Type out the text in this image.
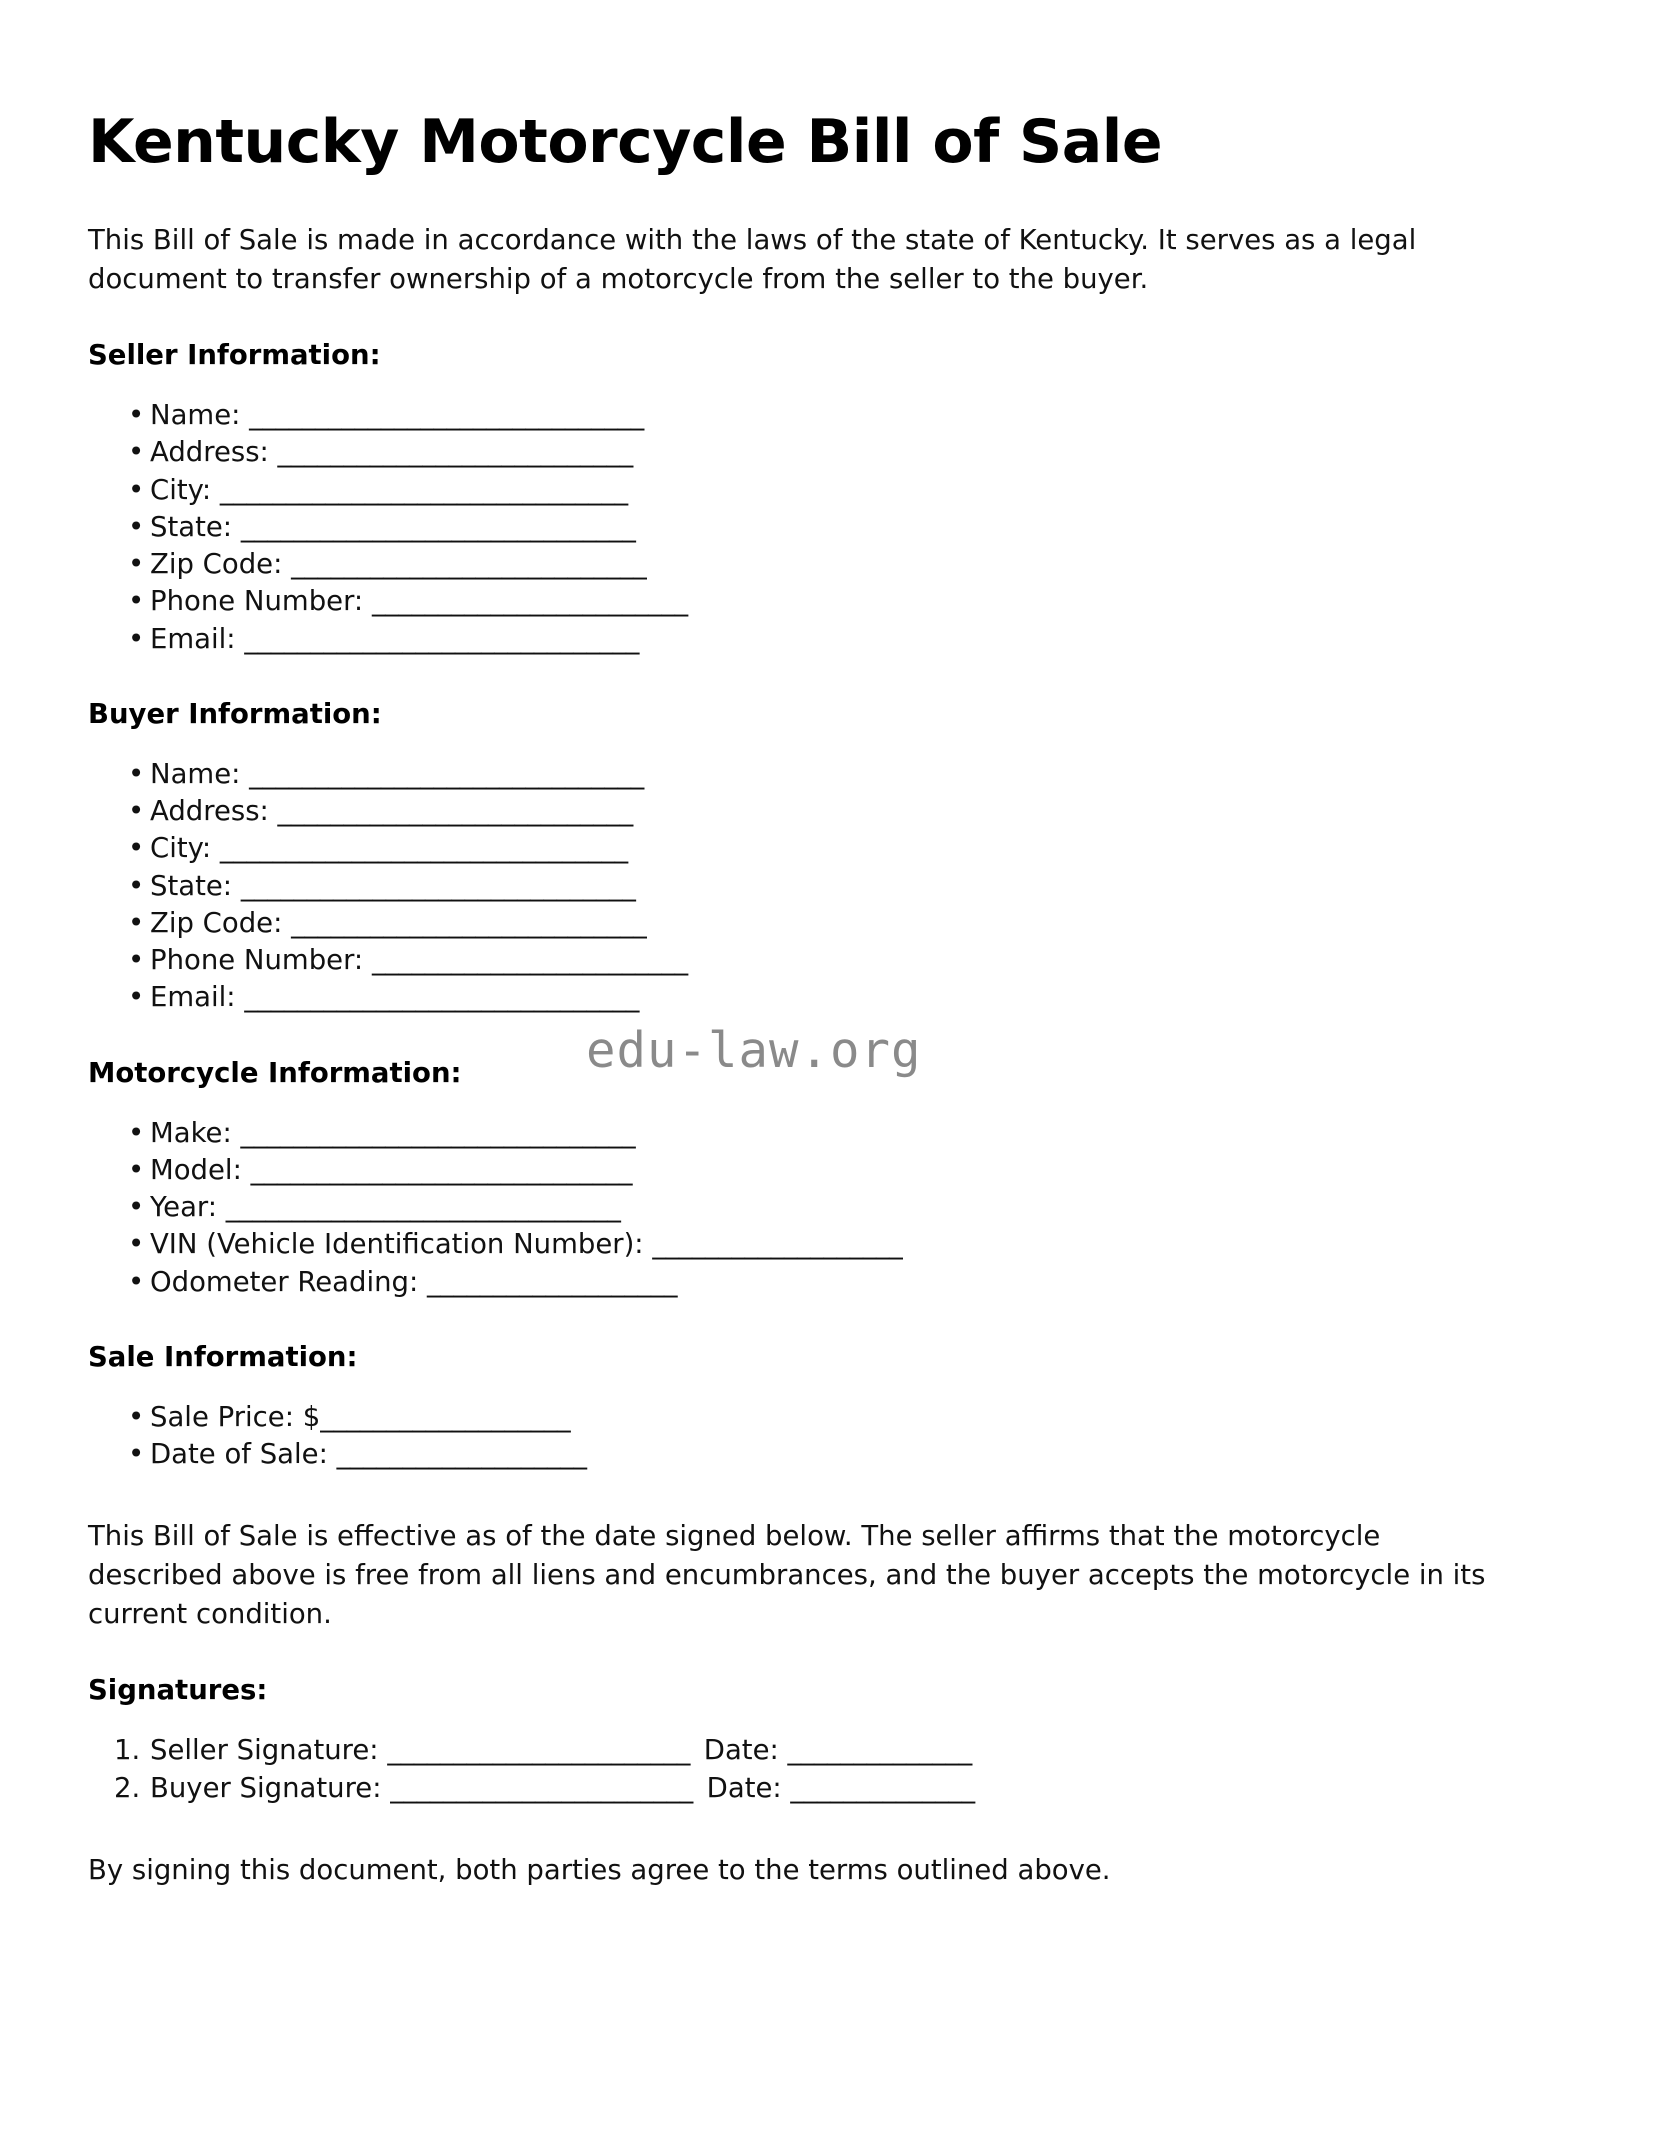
edu-law.org
Kentucky Motorcycle Bill of Sale

This Bill of Sale is made in accordance with the laws of the state of Kentucky. It serves as a legal document to transfer ownership of a motorcycle from the seller to the buyer.

Seller Information:
• Name: ______________________________
• Address: ___________________________
• City: _______________________________
• State: ______________________________
• Zip Code: ___________________________
• Phone Number: ________________________
• Email: ______________________________
Buyer Information:
• Name: ______________________________
• Address: ___________________________
• City: _______________________________
• State: ______________________________
• Zip Code: ___________________________
• Phone Number: ________________________
• Email: ______________________________
Motorcycle Information:
• Make: ______________________________
• Model: _____________________________
• Year: ______________________________
• VIN (Vehicle Identification Number): ___________________
• Odometer Reading: ___________________
Sale Information:
• Sale Price: $___________________
• Date of Sale: ___________________

This Bill of Sale is effective as of the date signed below. The seller affirms that the motorcycle described above is free from all liens and encumbrances, and the buyer accepts the motorcycle in its current condition.

Signatures:
1. Seller Signature: _______________________ Date: ______________
2. Buyer Signature: _______________________ Date: ______________

By signing this document, both parties agree to the terms outlined above.
